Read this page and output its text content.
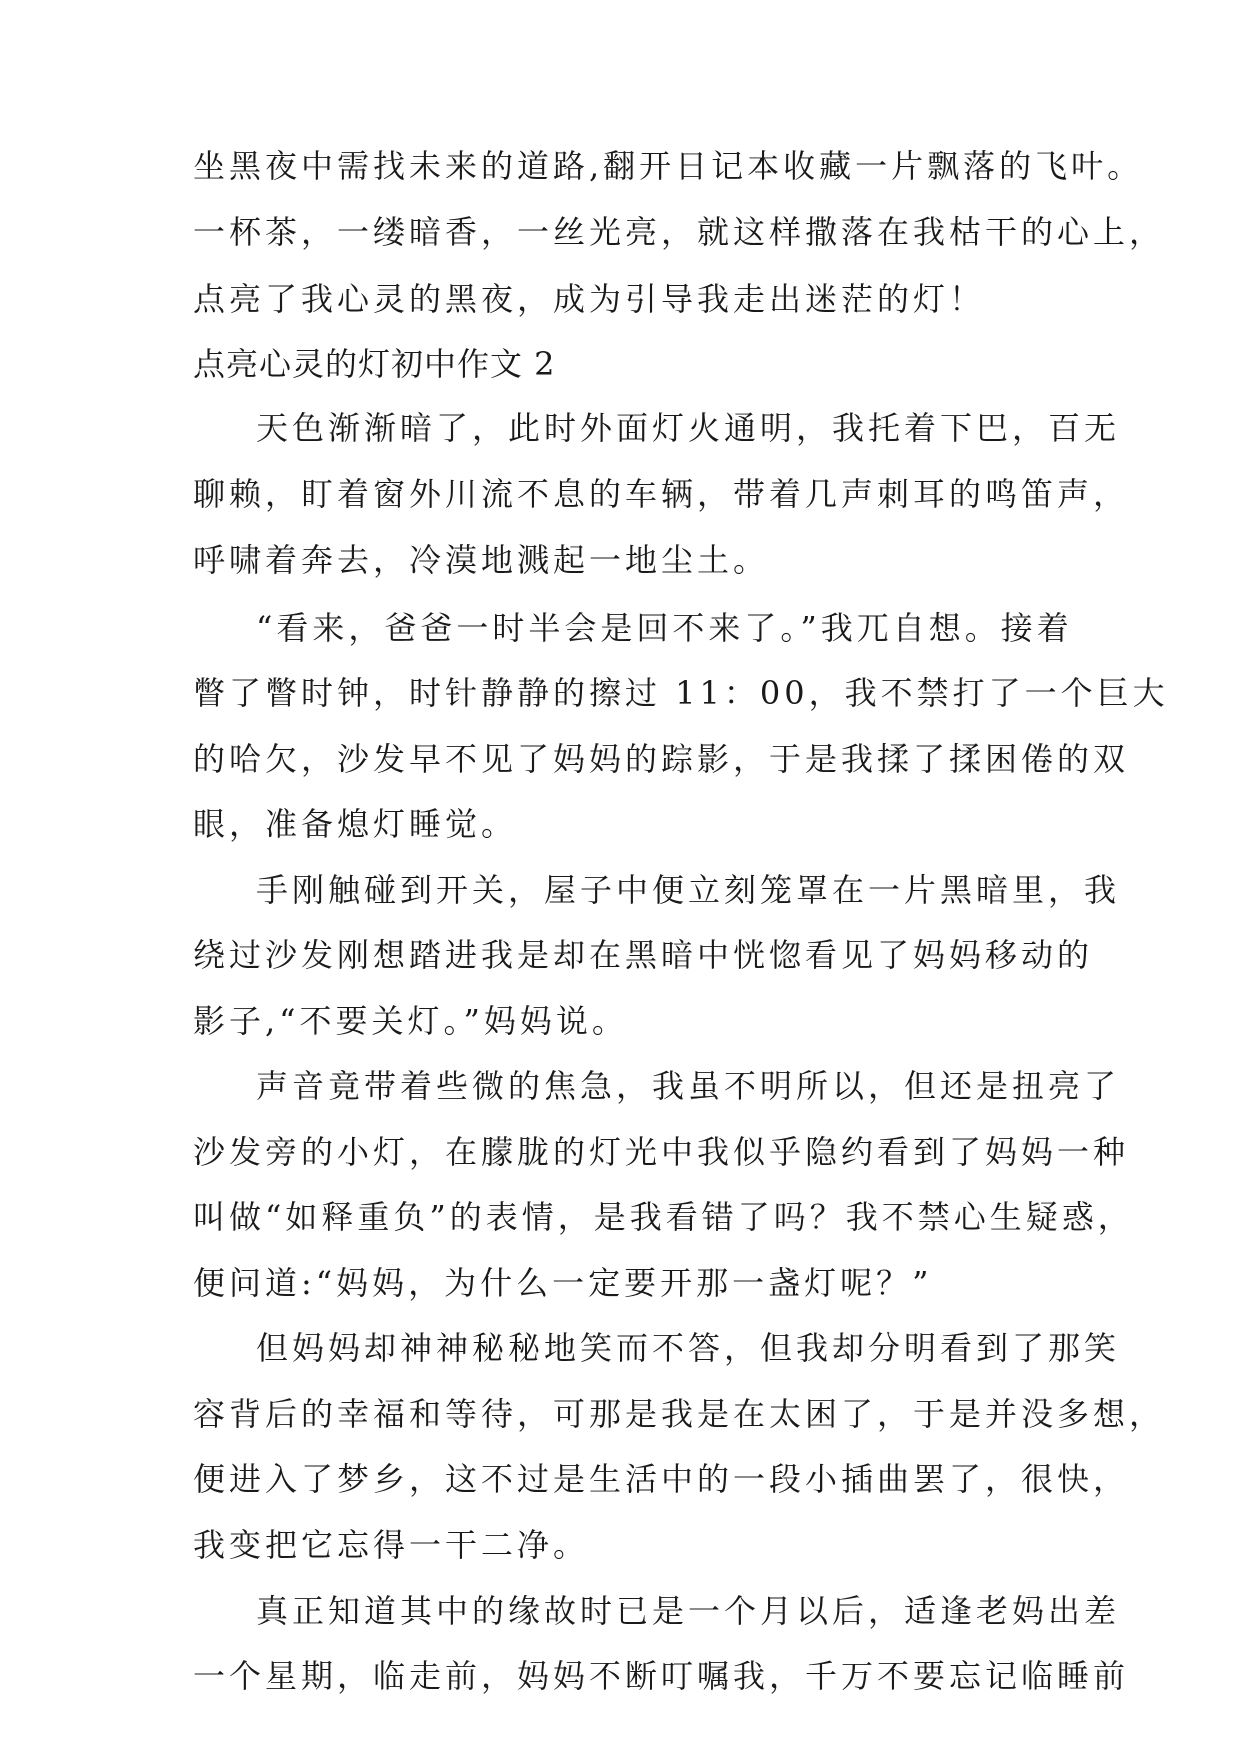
坐黑夜中需找未来的道路,翻开日记本收藏一片飘落的飞叶。
一杯茶，一缕暗香，一丝光亮，就这样撒落在我枯干的心上，
点亮了我心灵的黑夜，成为引导我走出迷茫的灯！
点亮心灵的灯初中作文 2
天色渐渐暗了，此时外面灯火通明，我托着下巴，百无
聊赖，盯着窗外川流不息的车辆，带着几声刺耳的鸣笛声，
呼啸着奔去，冷漠地溅起一地尘土。
“看来，爸爸一时半会是回不来了。”我兀自想。接着
瞥了瞥时钟，时针静静的擦过 11：00，我不禁打了一个巨大
的哈欠，沙发早不见了妈妈的踪影，于是我揉了揉困倦的双
眼，准备熄灯睡觉。
手刚触碰到开关，屋子中便立刻笼罩在一片黑暗里，我
绕过沙发刚想踏进我是却在黑暗中恍惚看见了妈妈移动的
影子,“不要关灯。”妈妈说。
声音竟带着些微的焦急，我虽不明所以，但还是扭亮了
沙发旁的小灯，在朦胧的灯光中我似乎隐约看到了妈妈一种
叫做“如释重负”的表情，是我看错了吗？我不禁心生疑惑，
便问道:“妈妈，为什么一定要开那一盏灯呢？”
但妈妈却神神秘秘地笑而不答，但我却分明看到了那笑
容背后的幸福和等待，可那是我是在太困了，于是并没多想，
便进入了梦乡，这不过是生活中的一段小插曲罢了，很快，
我变把它忘得一干二净。
真正知道其中的缘故时已是一个月以后，适逢老妈出差
一个星期，临走前，妈妈不断叮嘱我，千万不要忘记临睡前
